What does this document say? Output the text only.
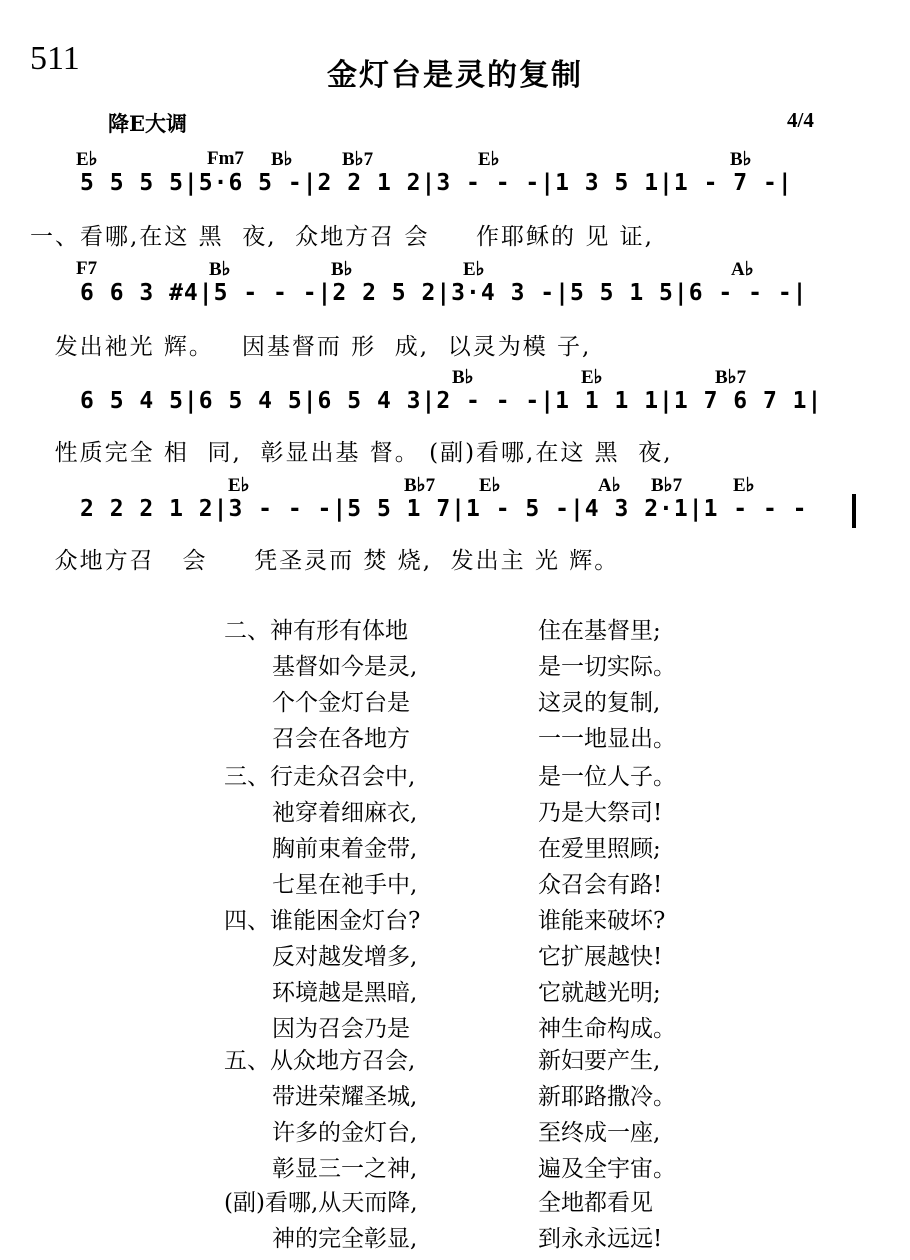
511	金灯台是灵的复制
降E大调	4/4
E♭	Fm7 B♭	B♭7	E♭	B♭
5 5 5 5|5·6 5 -|2 2 1 2|3 - - -|1 3 5 1|1 - 7 -|
一、看哪,在这 黑  夜,  众地方召 会     作耶稣的 见 证,
F7	B♭	B♭	E♭	A♭
6 6 3 #4|5 - - -|2 2 5 2|3·4 3 -|5 5 1 5|6 - - -|
发出祂光 辉。   因基督而 形  成,  以灵为模 子,
B♭	E♭	B♭7
6 5 4 5|6 5 4 5|6 5 4 3|2 - - -|1 1 1 1|1 7 6 7 1|
性质完全 相  同,  彰显出基 督。 (副)看哪,在这 黑  夜,
E♭	B♭7 E♭	A♭ B♭7	E♭
2 2 2 1 2|3 - - -|5 5 1 7|1 - 5 -|4 3 2·1|1 - - -
众地方召   会     凭圣灵而 焚 烧,  发出主 光 辉。
二、神有形有体地	住在基督里;
基督如今是灵,	是一切实际。
个个金灯台是	这灵的复制,
召会在各地方	一一地显出。
三、行走众召会中,	是一位人子。
祂穿着细麻衣,	乃是大祭司!
胸前束着金带,	在爱里照顾;
七星在祂手中,	众召会有路!
四、谁能困金灯台?	谁能来破坏?
反对越发增多,	它扩展越快!
环境越是黑暗,	它就越光明;
因为召会乃是	神生命构成。
五、从众地方召会,	新妇要产生,
带进荣耀圣城,	新耶路撒冷。
许多的金灯台,	至终成一座,
彰显三一之神,	遍及全宇宙。
(副)看哪,从天而降,	全地都看见
神的完全彰显,	到永永远远!
